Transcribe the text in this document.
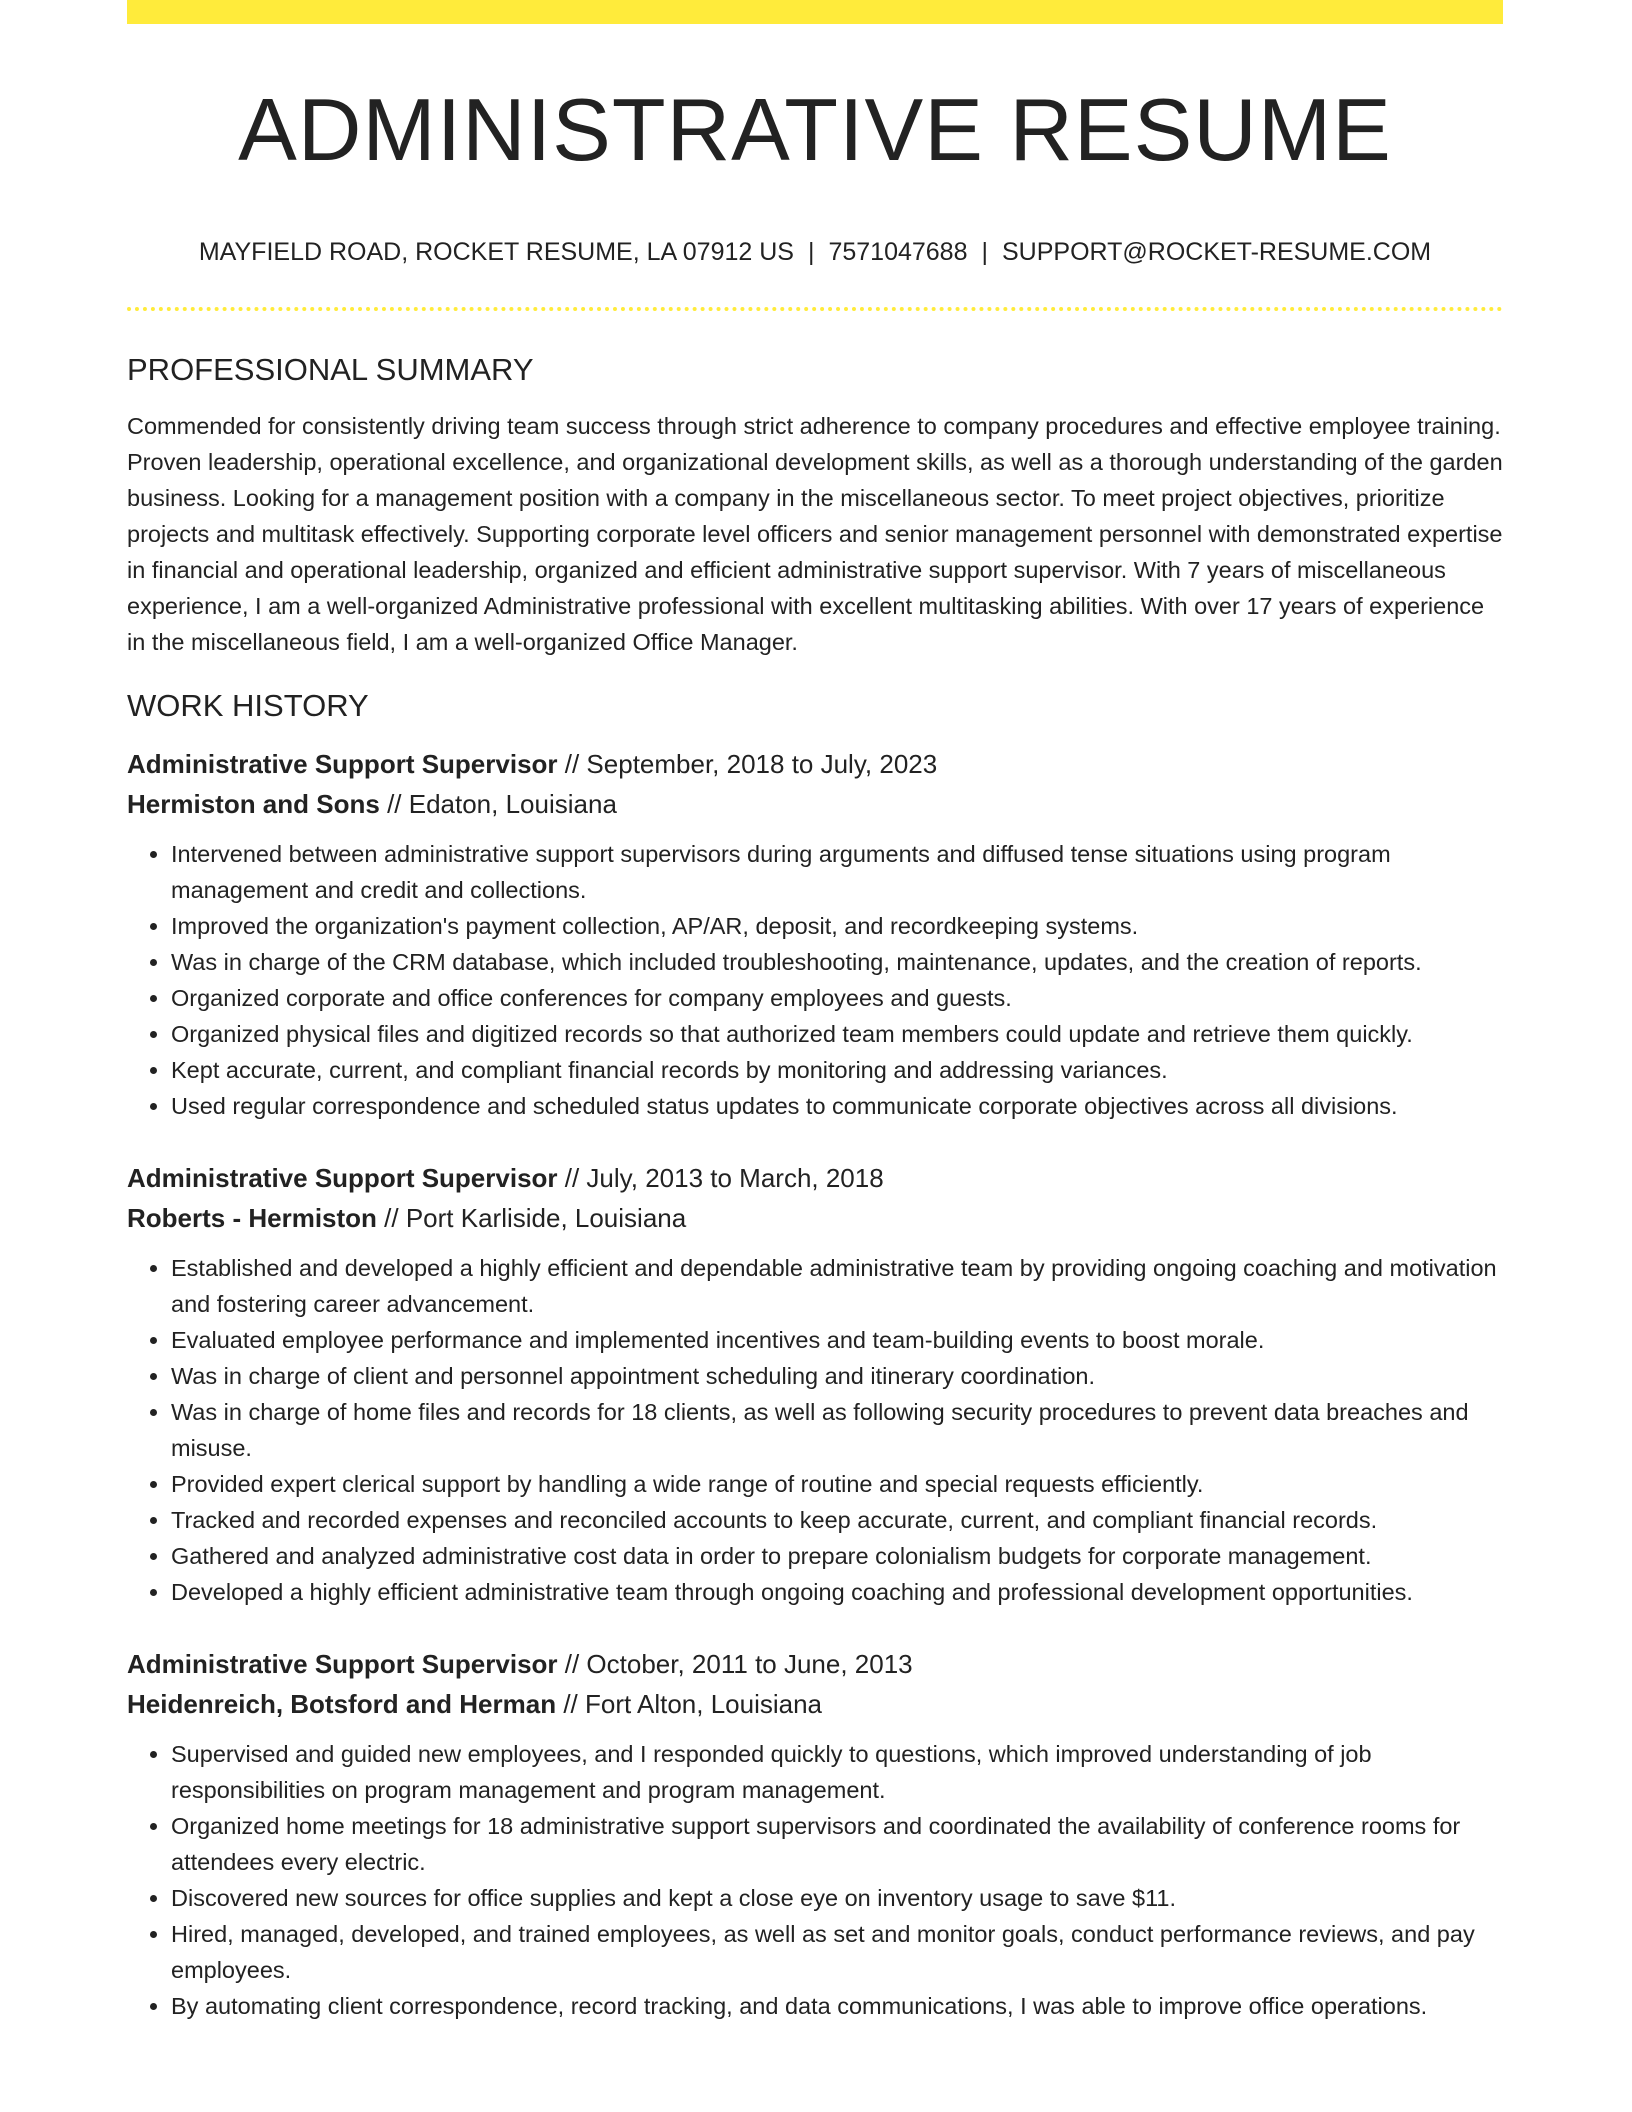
ADMINISTRATIVE RESUME
MAYFIELD ROAD, ROCKET RESUME, LA 07912 US | 7571047688 | SUPPORT@ROCKET-RESUME.COM
PROFESSIONAL SUMMARY

Commended for consistently driving team success through strict adherence to company procedures and effective employee training. Proven leadership, operational excellence, and organizational development skills, as well as a thorough understanding of the garden business. Looking for a management position with a company in the miscellaneous sector. To meet project objectives, prioritize projects and multitask effectively. Supporting corporate level officers and senior management personnel with demonstrated expertise in financial and operational leadership, organized and efficient administrative support supervisor. With 7 years of miscellaneous experience, I am a well-organized Administrative professional with excellent multitasking abilities. With over 17 years of experience in the miscellaneous field, I am a well-organized Office Manager.

WORK HISTORY
Administrative Support Supervisor // September, 2018 to July, 2023
Hermiston and Sons // Edaton, Louisiana
• Intervened between administrative support supervisors during arguments and diffused tense situations using program management and credit and collections.
• Improved the organization's payment collection, AP/AR, deposit, and recordkeeping systems.
• Was in charge of the CRM database, which included troubleshooting, maintenance, updates, and the creation of reports.
• Organized corporate and office conferences for company employees and guests.
• Organized physical files and digitized records so that authorized team members could update and retrieve them quickly.
• Kept accurate, current, and compliant financial records by monitoring and addressing variances.
• Used regular correspondence and scheduled status updates to communicate corporate objectives across all divisions.
Administrative Support Supervisor // July, 2013 to March, 2018
Roberts - Hermiston // Port Karliside, Louisiana
• Established and developed a highly efficient and dependable administrative team by providing ongoing coaching and motivation and fostering career advancement.
• Evaluated employee performance and implemented incentives and team-building events to boost morale.
• Was in charge of client and personnel appointment scheduling and itinerary coordination.
• Was in charge of home files and records for 18 clients, as well as following security procedures to prevent data breaches and misuse.
• Provided expert clerical support by handling a wide range of routine and special requests efficiently.
• Tracked and recorded expenses and reconciled accounts to keep accurate, current, and compliant financial records.
• Gathered and analyzed administrative cost data in order to prepare colonialism budgets for corporate management.
• Developed a highly efficient administrative team through ongoing coaching and professional development opportunities.
Administrative Support Supervisor // October, 2011 to June, 2013
Heidenreich, Botsford and Herman // Fort Alton, Louisiana
• Supervised and guided new employees, and I responded quickly to questions, which improved understanding of job responsibilities on program management and program management.
• Organized home meetings for 18 administrative support supervisors and coordinated the availability of conference rooms for attendees every electric.
• Discovered new sources for office supplies and kept a close eye on inventory usage to save $11.
• Hired, managed, developed, and trained employees, as well as set and monitor goals, conduct performance reviews, and pay employees.
• By automating client correspondence, record tracking, and data communications, I was able to improve office operations.
